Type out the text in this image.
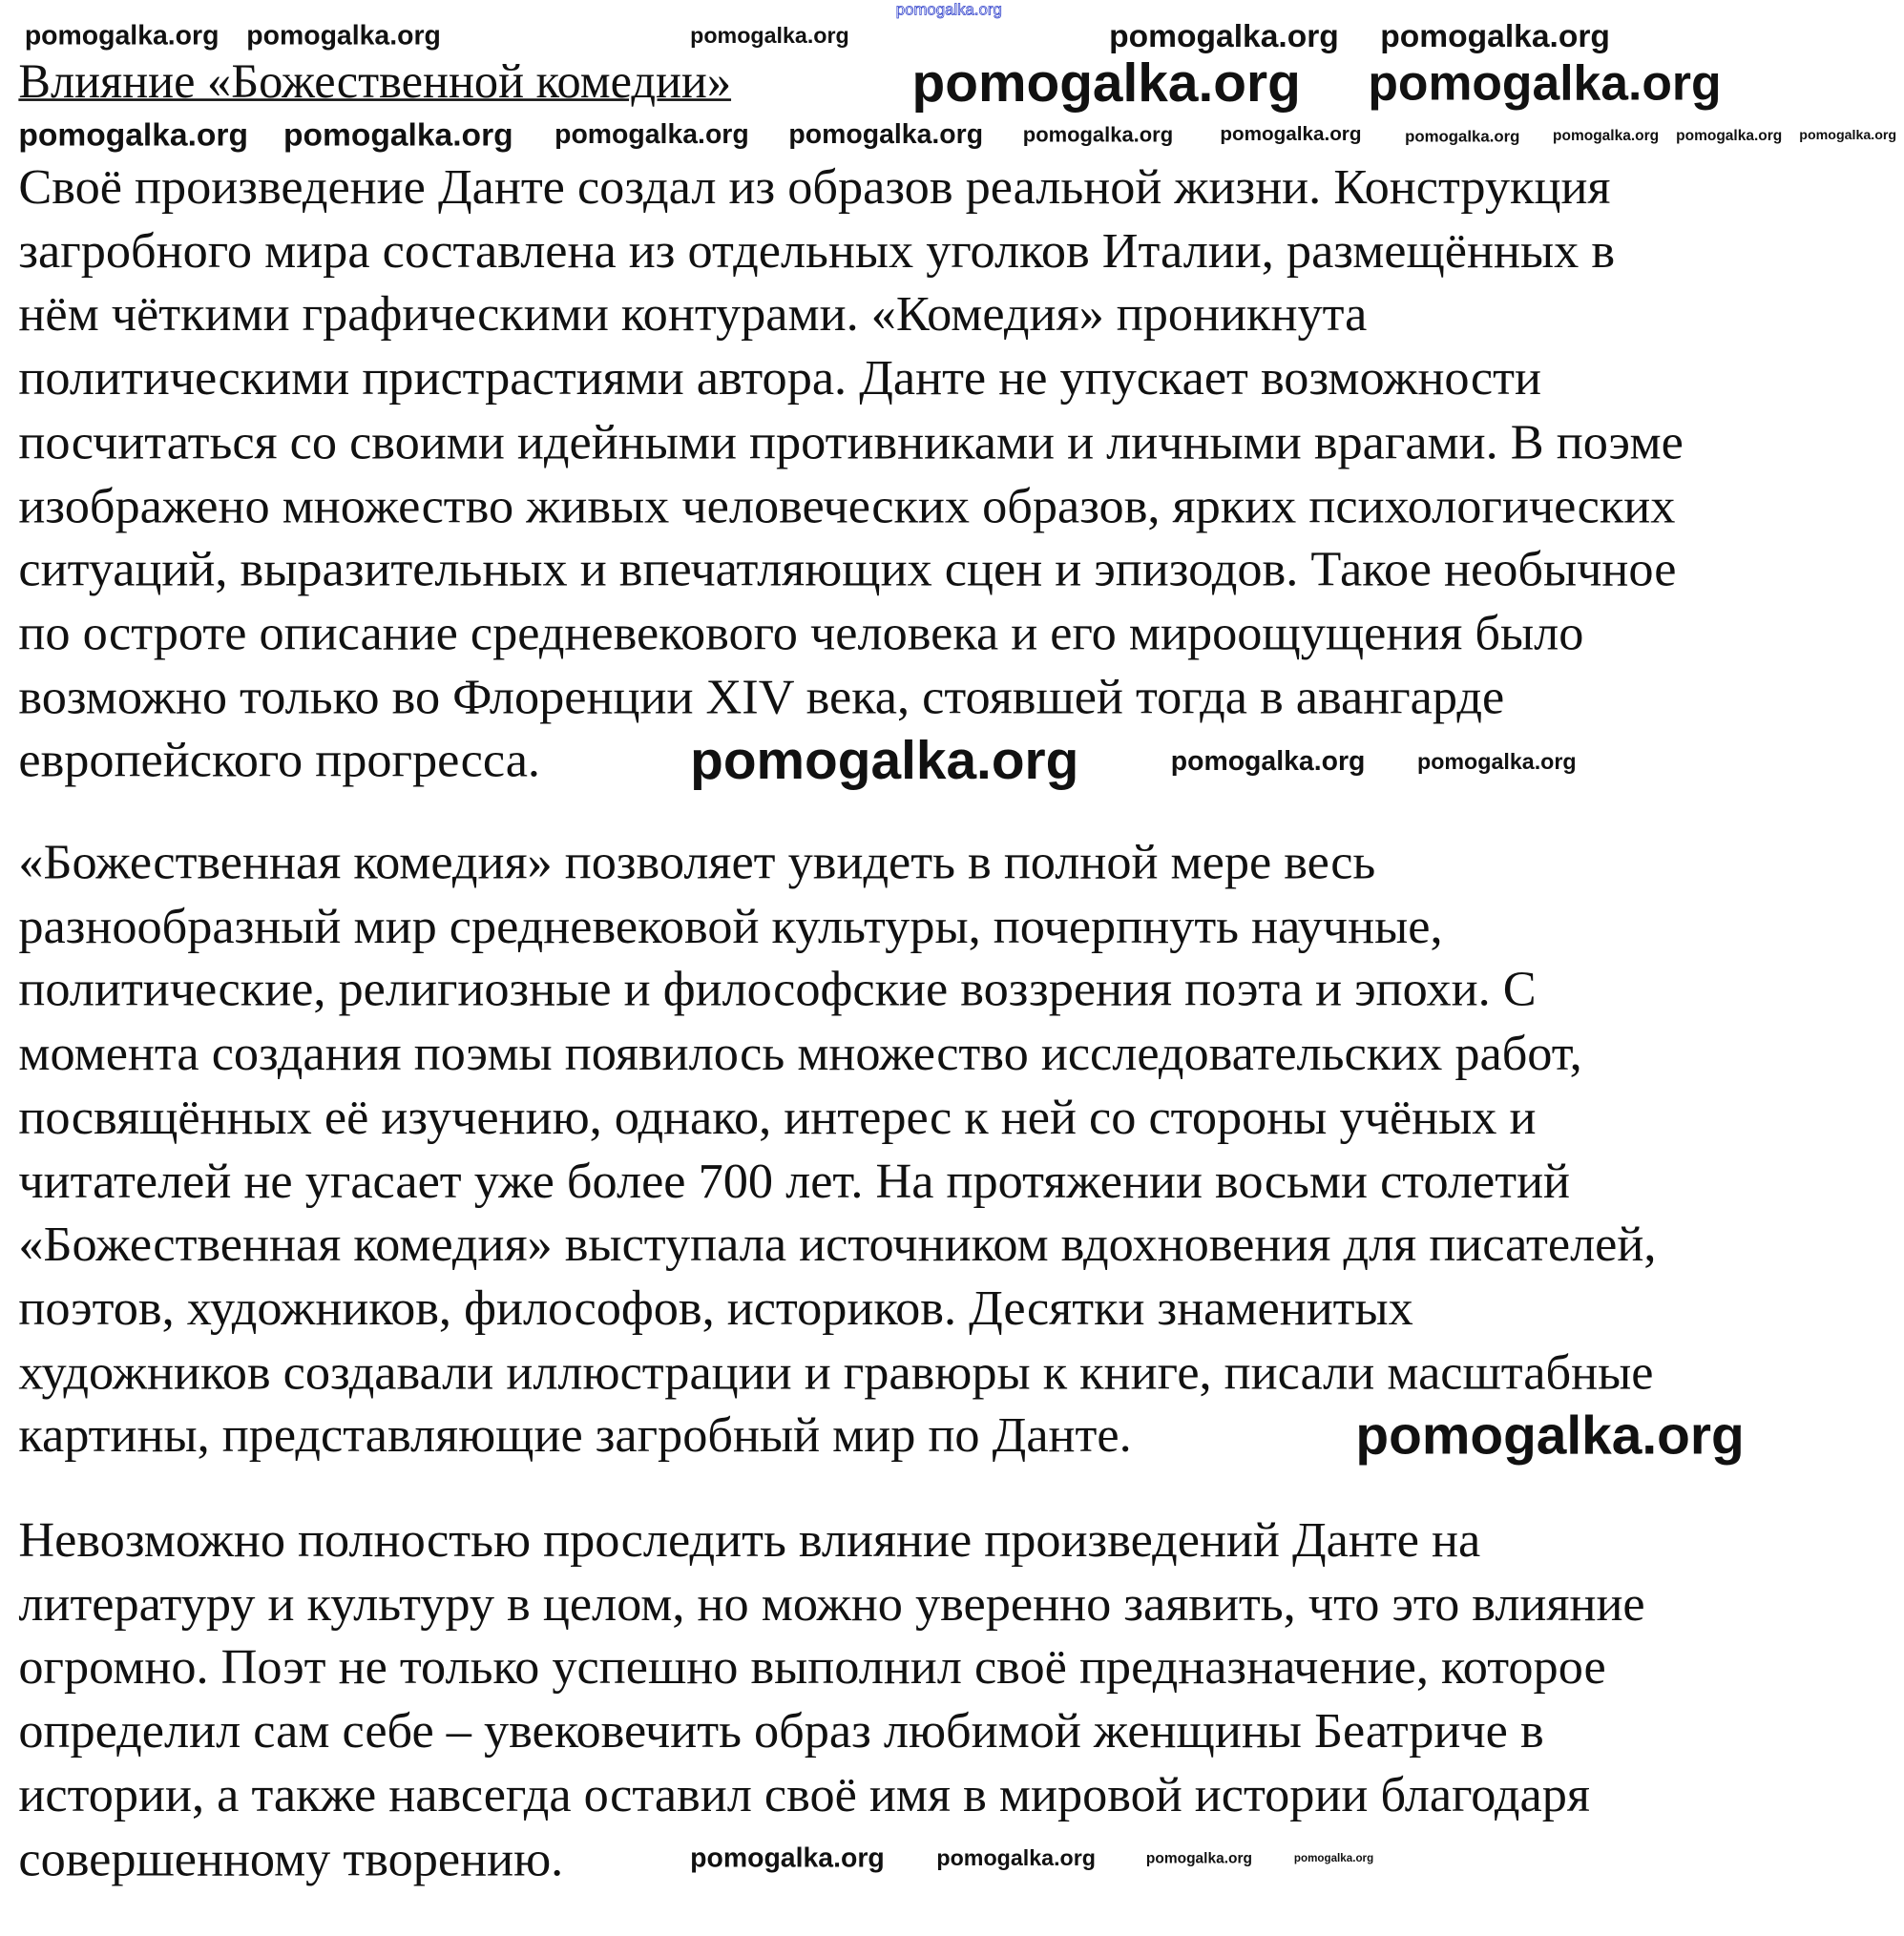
pomogalka.org
Влияние «Божественной комедии»
Своё произведение Данте создал из образов реальной жизни. Конструкция
загробного мира составлена из отдельных уголков Италии, размещённых в
нём чёткими графическими контурами. «Комедия» проникнута
политическими пристрастиями автора. Данте не упускает возможности
посчитаться со своими идейными противниками и личными врагами. В поэме
изображено множество живых человеческих образов, ярких психологических
ситуаций, выразительных и впечатляющих сцен и эпизодов. Такое необычное
по остроте описание средневекового человека и его мироощущения было
возможно только во Флоренции XIV века, стоявшей тогда в авангарде
европейского прогресса.
«Божественная комедия» позволяет увидеть в полной мере весь
разнообразный мир средневековой культуры, почерпнуть научные,
политические, религиозные и философские воззрения поэта и эпохи. С
момента создания поэмы появилось множество исследовательских работ,
посвящённых её изучению, однако, интерес к ней со стороны учёных и
читателей не угасает уже более 700 лет. На протяжении восьми столетий
«Божественная комедия» выступала источником вдохновения для писателей,
поэтов, художников, философов, историков. Десятки знаменитых
художников создавали иллюстрации и гравюры к книге, писали масштабные
картины, представляющие загробный мир по Данте.
Невозможно полностью проследить влияние произведений Данте на
литературу и культуру в целом, но можно уверенно заявить, что это влияние
огромно. Поэт не только успешно выполнил своё предназначение, которое
определил сам себе – увековечить образ любимой женщины Беатриче в
истории, а также навсегда оставил своё имя в мировой истории благодаря
совершенному творению.
pomogalka.org pomogalka.org	pomogalka.org	pomogalka.org pomogalka.org
pomogalka.org pomogalka.org
pomogalka.org pomogalka.org pomogalka.org pomogalka.org pomogalka.org	pomogalka.org	pomogalka.org	pomogalka.org pomogalka.org pomogalka.org
pomogalka.org	pomogalka.org	pomogalka.org
pomogalka.org
pomogalka.org	pomogalka.org	pomogalka.org	pomogalka.org
